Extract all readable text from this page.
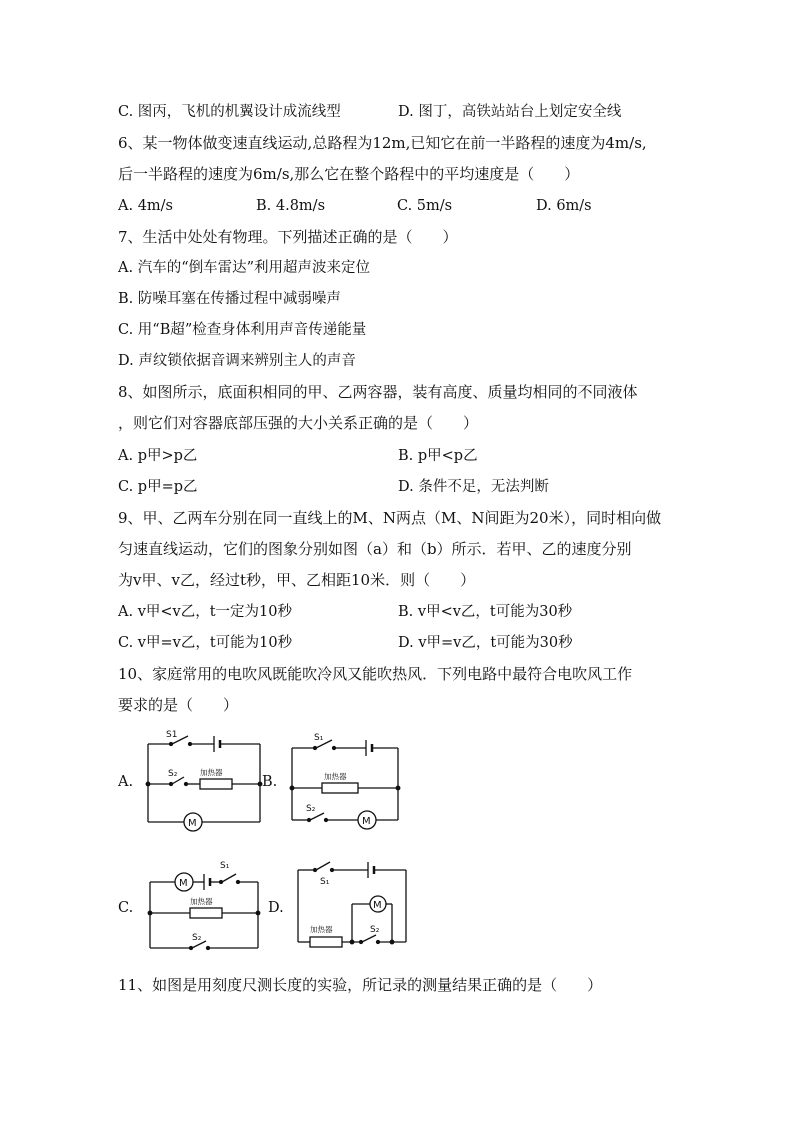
C. 图丙，飞机的机翼设计成流线型	D. 图丁，高铁站站台上划定安全线
6、某一物体做变速直线运动,总路程为12m,已知它在前一半路程的速度为4m/s,
后一半路程的速度为6m/s,那么它在整个路程中的平均速度是（　　）
A. 4m/s	B. 4.8m/s	C. 5m/s	D. 6m/s
7、生活中处处有物理。下列描述正确的是（　　）
A. 汽车的“倒车雷达”利用超声波来定位
B. 防噪耳塞在传播过程中减弱噪声
C. 用“B超”检查身体利用声音传递能量
D. 声纹锁依据音调来辨别主人的声音
8、如图所示，底面积相同的甲、乙两容器，装有高度、质量均相同的不同液体
，则它们对容器底部压强的大小关系正确的是（　　）
A. p甲>p乙	B. p甲<p乙
C. p甲=p乙	D. 条件不足，无法判断
9、甲、乙两车分别在同一直线上的M、N两点（M、N间距为20米），同时相向做
匀速直线运动，它们的图象分别如图（a）和（b）所示．若甲、乙的速度分别
为v甲、v乙，经过t秒，甲、乙相距10米．则（　　）
A. v甲<v乙，t一定为10秒	B. v甲<v乙，t可能为30秒
C. v甲=v乙，t可能为10秒	D. v甲=v乙，t可能为30秒
10、家庭常用的电吹风既能吹冷风又能吹热风．下列电路中最符合电吹风工作
要求的是（　　）
A.	B.
C.	D.
S1
S₂	加热器
M
S₁
加热器
M
S₂
M
S₁
加热器
S₂
S₁
M
加热器	S₂
11、如图是用刻度尺测长度的实验，所记录的测量结果正确的是（　　）
